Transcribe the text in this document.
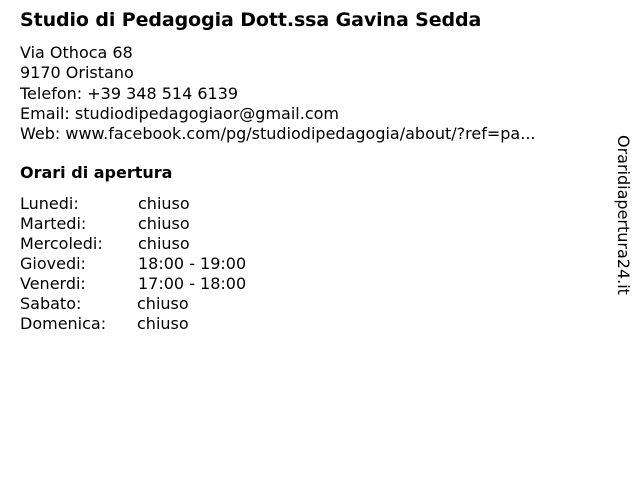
Studio di Pedagogia Dott.ssa Gavina Sedda
Via Othoca 68
9170 Oristano
Telefon: +39 348 514 6139
Email: studiodipedagogiaor@gmail.com
Web: www.facebook.com/pg/studiodipedagogia/about/?ref=pa...
Orari di apertura
Lunedi:	chiuso
Martedi:	chiuso
Mercoledi: chiuso
Giovedi:	18:00 - 19:00
Venerdi:	17:00 - 18:00
Sabato:	chiuso
Domenica: chiuso
Oraridiapertura24.it
